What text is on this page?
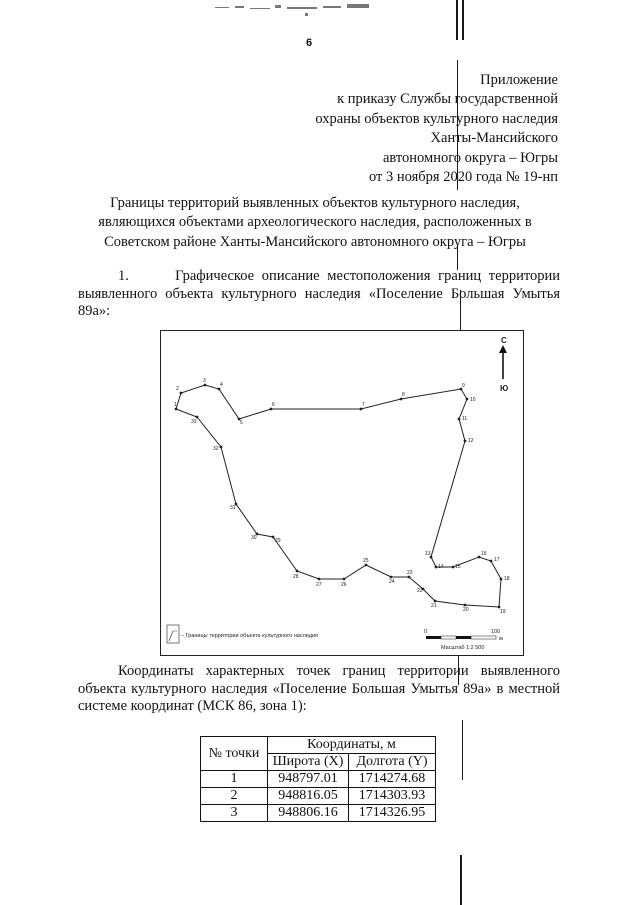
6
Приложение
к приказу Службы государственной
охраны объектов культурного наследия
Ханты-Мансийского
автономного округа – Югры
от 3 ноября 2020 года № 19-нп
Границы территорий выявленных объектов культурного наследия,
являющихся объектами археологического наследия, расположенных в
Советском районе Ханты-Мансийского автономного округа – Югры
1.      Графическое описание местоположения границ территории выявленного объекта культурного наследия «Поселение Большая Умытья 89а»:
С
Ю
1
2
3
4
5
6	7
8
9
10
11
12
13
14 15
16
17
18
19
20
21
22
23
24
25
26
27
28
29
30
31
32
33
– Границы территории объекта культурного наследия
0	100
м
Масштаб 1:2 500
Координаты характерных точек границ территории выявленного объекта культурного наследия «Поселение Большая Умытья 89а» в местной системе координат (МСК 86, зона 1):
№ точки	Координаты, м	
	Широта (X)	Долгота (Y)
1	948797.01	1714274.68
2	948816.05	1714303.93
3	948806.16	1714326.95
